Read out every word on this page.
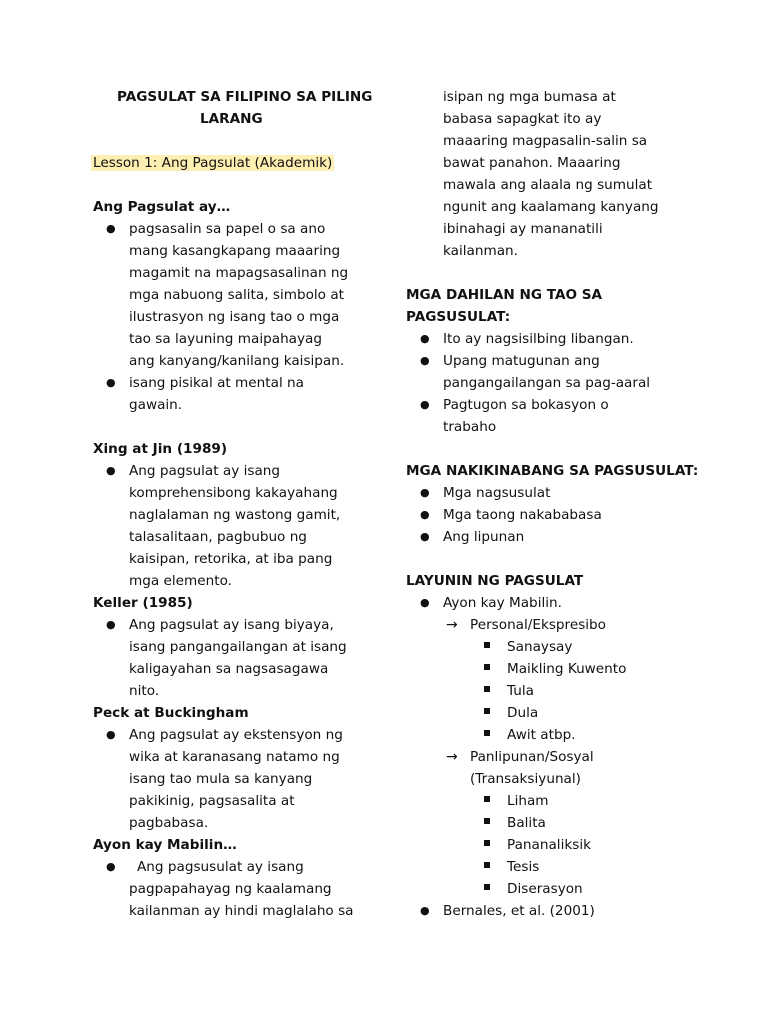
PAGSULAT SA FILIPINO SA PILING
LARANG
Lesson 1: Ang Pagsulat (Akademik)
Ang Pagsulat ay…
● pagsasalin sa papel o sa ano
mang kasangkapang maaaring
magamit na mapagsasalinan ng
mga nabuong salita, simbolo at
ilustrasyon ng isang tao o mga
tao sa layuning maipahayag
ang kanyang/kanilang kaisipan.
● isang pisikal at mental na
gawain.
Xing at Jin (1989)
● Ang pagsulat ay isang
komprehensibong kakayahang
naglalaman ng wastong gamit,
talasalitaan, pagbubuo ng
kaisipan, retorika, at iba pang
mga elemento.
Keller (1985)
● Ang pagsulat ay isang biyaya,
isang pangangailangan at isang
kaligayahan sa nagsasagawa
nito.
Peck at Buckingham
● Ang pagsulat ay ekstensyon ng
wika at karanasang natamo ng
isang tao mula sa kanyang
pakikinig, pagsasalita at
pagbabasa.
Ayon kay Mabilin…
● Ang pagsusulat ay isang
pagpapahayag ng kaalamang
kailanman ay hindi maglalaho sa
isipan ng mga bumasa at
babasa sapagkat ito ay
maaaring magpasalin-salin sa
bawat panahon. Maaaring
mawala ang alaala ng sumulat
ngunit ang kaalamang kanyang
ibinahagi ay mananatili
kailanman.
MGA DAHILAN NG TAO SA
PAGSUSULAT:
● Ito ay nagsisilbing libangan.
● Upang matugunan ang
pangangailangan sa pag-aaral
● Pagtugon sa bokasyon o
trabaho
MGA NAKIKINABANG SA PAGSUSULAT:
● Mga nagsusulat
● Mga taong nakababasa
● Ang lipunan
LAYUNIN NG PAGSULAT
● Ayon kay Mabilin.
→ Personal/Ekspresibo
Sanaysay
Maikling Kuwento
Tula
Dula
Awit atbp.
→ Panlipunan/Sosyal
(Transaksiyunal)
Liham
Balita
Pananaliksik
Tesis
Diserasyon
● Bernales, et al. (2001)
